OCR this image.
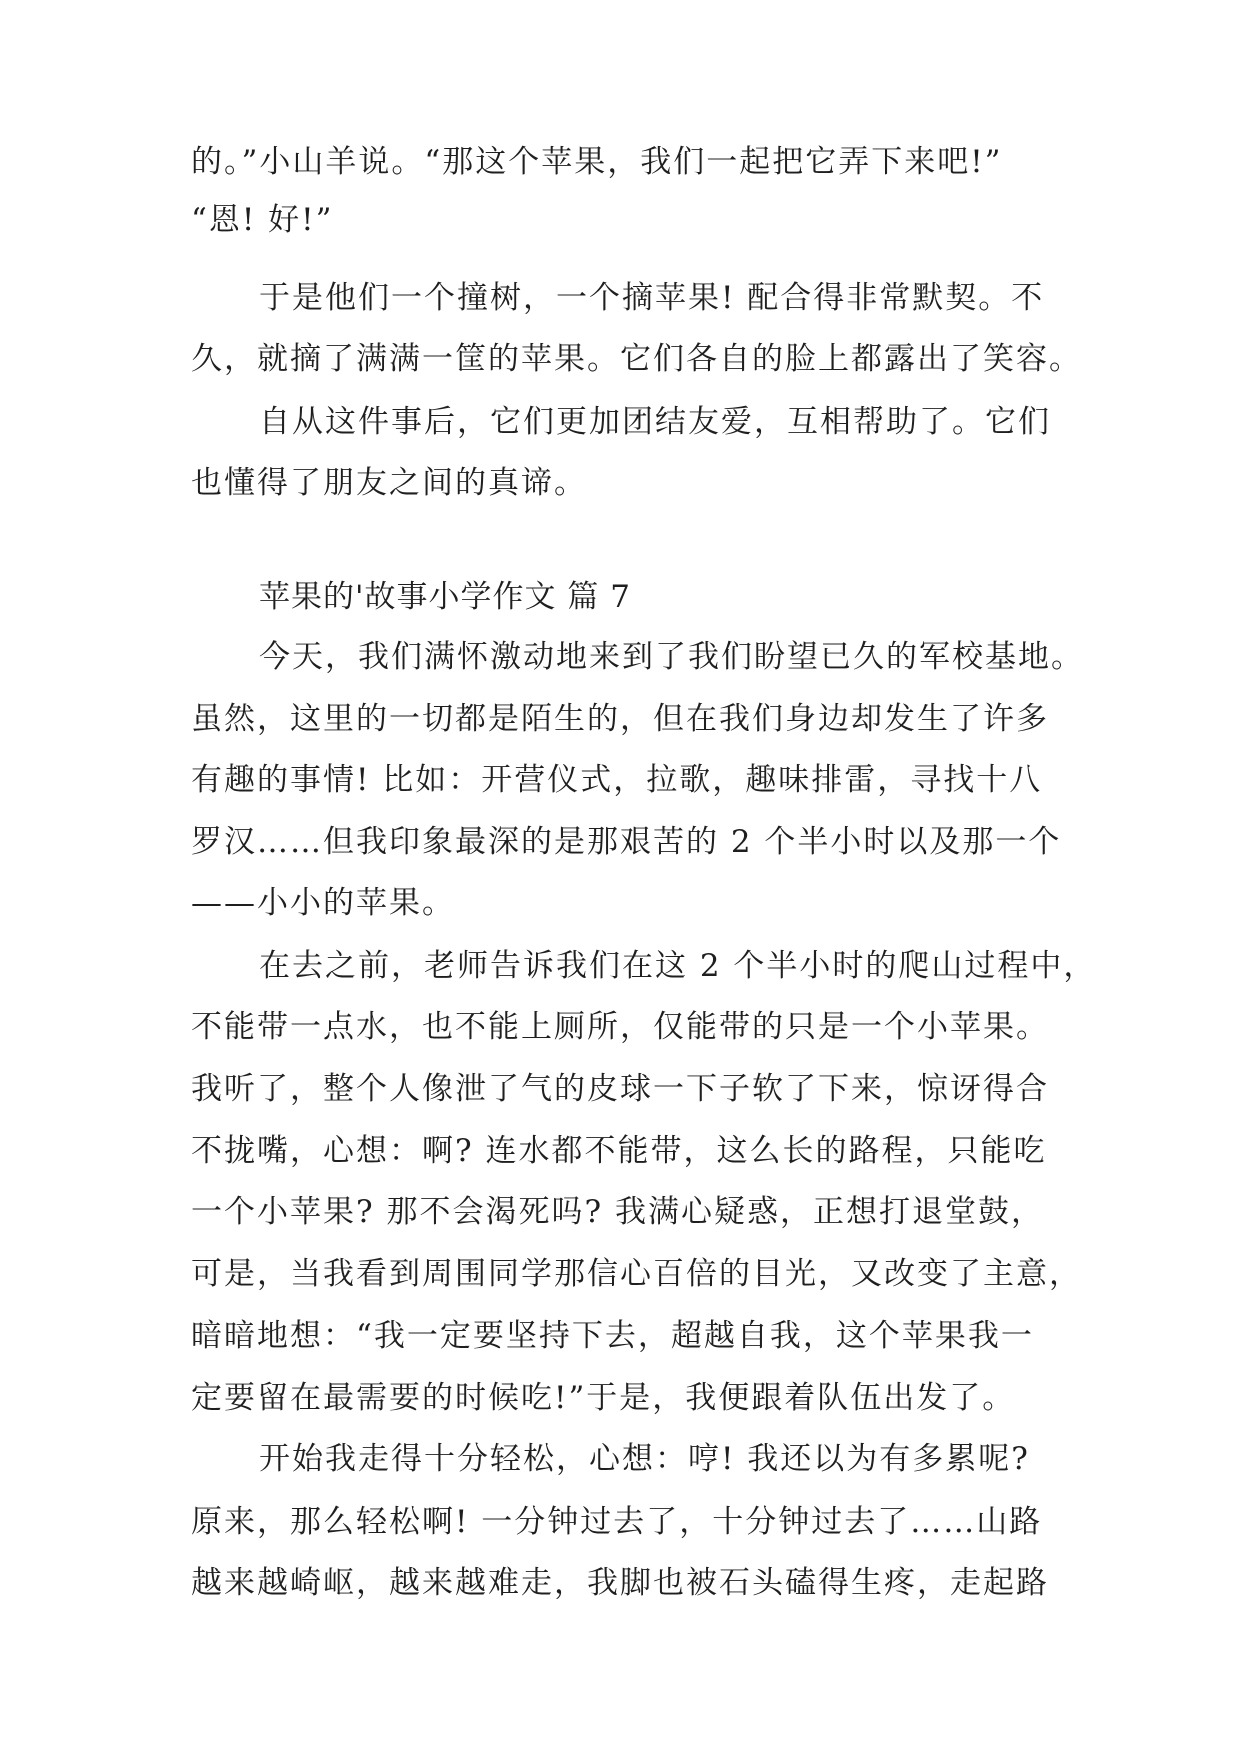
的。”小山羊说。“那这个苹果，我们一起把它弄下来吧!”

“恩! 好!”

于是他们一个撞树，一个摘苹果! 配合得非常默契。不

久，就摘了满满一筐的苹果。它们各自的脸上都露出了笑容。

自从这件事后，它们更加团结友爱，互相帮助了。它们

也懂得了朋友之间的真谛。

苹果的'故事小学作文 篇 7

今天，我们满怀激动地来到了我们盼望已久的军校基地。

虽然，这里的一切都是陌生的，但在我们身边却发生了许多

有趣的事情! 比如：开营仪式，拉歌，趣味排雷，寻找十八

罗汉……但我印象最深的是那艰苦的 2 个半小时以及那一个

——小小的苹果。

在去之前，老师告诉我们在这 2 个半小时的爬山过程中，

不能带一点水，也不能上厕所，仅能带的只是一个小苹果。

我听了，整个人像泄了气的皮球一下子软了下来，惊讶得合

不拢嘴，心想：啊? 连水都不能带，这么长的路程，只能吃

一个小苹果? 那不会渴死吗? 我满心疑惑，正想打退堂鼓，

可是，当我看到周围同学那信心百倍的目光，又改变了主意，

暗暗地想：“我一定要坚持下去，超越自我，这个苹果我一

定要留在最需要的时候吃!”于是，我便跟着队伍出发了。

开始我走得十分轻松，心想：哼! 我还以为有多累呢?

原来，那么轻松啊! 一分钟过去了，十分钟过去了……山路

越来越崎岖，越来越难走，我脚也被石头磕得生疼，走起路
